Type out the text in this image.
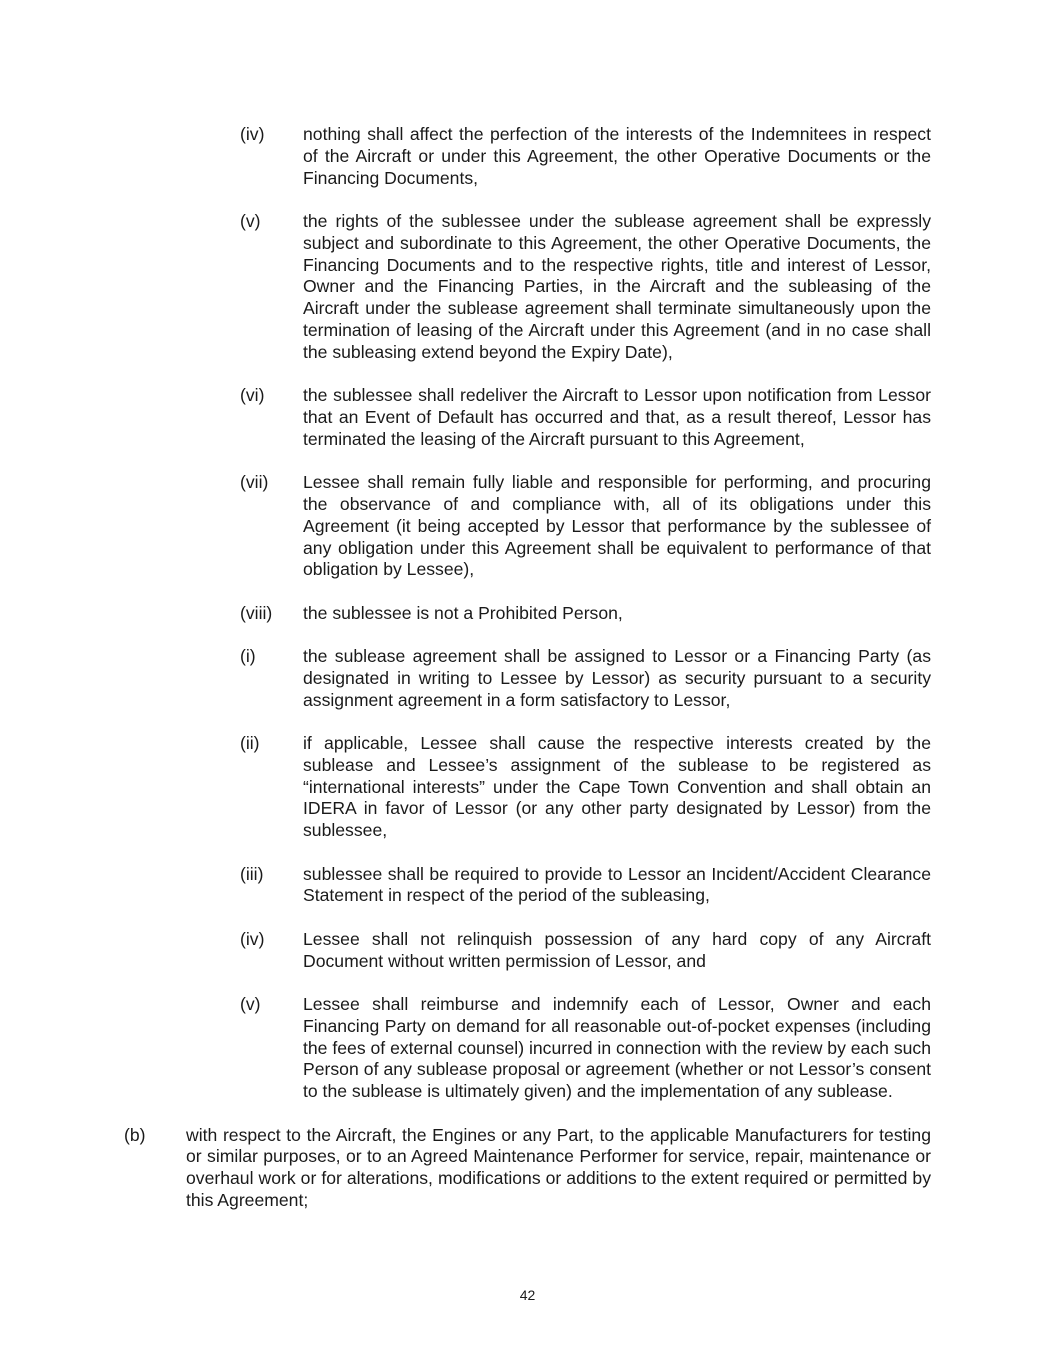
(iv)	nothing shall affect the perfection of the interests of the Indemnitees in respect of the Aircraft or under this Agreement, the other Operative Documents or the Financing Documents,
(v)	the rights of the sublessee under the sublease agreement shall be expressly subject and subordinate to this Agreement, the other Operative Documents, the Financing Documents and to the respective rights, title and interest of Lessor, Owner and the Financing Parties, in the Aircraft and the subleasing of the Aircraft under the sublease agreement shall terminate simultaneously upon the termination of leasing of the Aircraft under this Agreement (and in no case shall the subleasing extend beyond the Expiry Date),
(vi)	the sublessee shall redeliver the Aircraft to Lessor upon notification from Lessor that an Event of Default has occurred and that, as a result thereof, Lessor has terminated the leasing of the Aircraft pursuant to this Agreement,
(vii)	Lessee shall remain fully liable and responsible for performing, and procuring the observance of and compliance with, all of its obligations under this Agreement (it being accepted by Lessor that performance by the sublessee of any obligation under this Agreement shall be equivalent to performance of that obligation by Lessee),
(viii)	the sublessee is not a Prohibited Person,
(i)	the sublease agreement shall be assigned to Lessor or a Financing Party (as designated in writing to Lessee by Lessor) as security pursuant to a security assignment agreement in a form satisfactory to Lessor,
(ii)	if applicable, Lessee shall cause the respective interests created by the sublease and Lessee’s assignment of the sublease to be registered as “international interests” under the Cape Town Convention and shall obtain an IDERA in favor of Lessor (or any other party designated by Lessor) from the sublessee,
(iii)	sublessee shall be required to provide to Lessor an Incident/Accident Clearance Statement in respect of the period of the subleasing,
(iv)	Lessee shall not relinquish possession of any hard copy of any Aircraft Document without written permission of Lessor, and
(v)	Lessee shall reimburse and indemnify each of Lessor, Owner and each Financing Party on demand for all reasonable out-of-pocket expenses (including the fees of external counsel) incurred in connection with the review by each such Person of any sublease proposal or agreement (whether or not Lessor’s consent to the sublease is ultimately given) and the implementation of any sublease.
(b)	with respect to the Aircraft, the Engines or any Part, to the applicable Manufacturers for testing or similar purposes, or to an Agreed Maintenance Performer for service, repair, maintenance or overhaul work or for alterations, modifications or additions to the extent required or permitted by this Agreement;
42
